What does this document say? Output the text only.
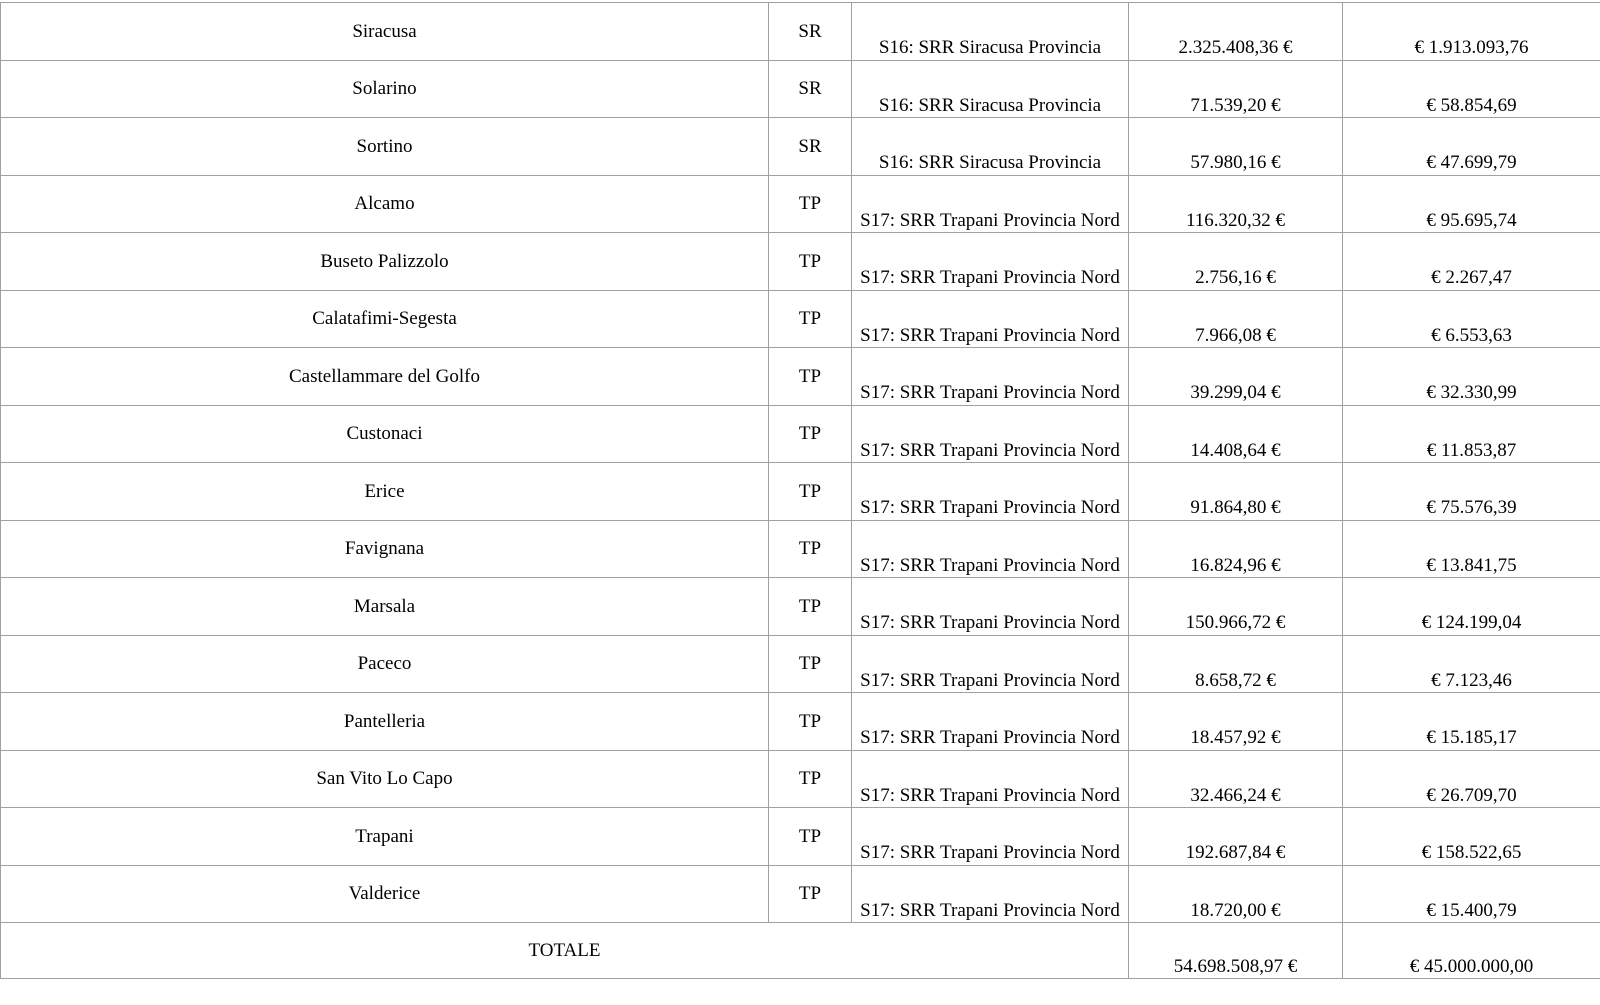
Siracusa	SR	S16: SRR Siracusa Provincia	2.325.408,36 €	€ 1.913.093,76
Solarino	SR	S16: SRR Siracusa Provincia	71.539,20 €	€ 58.854,69
Sortino	SR	S16: SRR Siracusa Provincia	57.980,16 €	€ 47.699,79
Alcamo	TP	S17: SRR Trapani Provincia Nord	116.320,32 €	€ 95.695,74
Buseto Palizzolo	TP	S17: SRR Trapani Provincia Nord	2.756,16 €	€ 2.267,47
Calatafimi-Segesta	TP	S17: SRR Trapani Provincia Nord	7.966,08 €	€ 6.553,63
Castellammare del Golfo	TP	S17: SRR Trapani Provincia Nord	39.299,04 €	€ 32.330,99
Custonaci	TP	S17: SRR Trapani Provincia Nord	14.408,64 €	€ 11.853,87
Erice	TP	S17: SRR Trapani Provincia Nord	91.864,80 €	€ 75.576,39
Favignana	TP	S17: SRR Trapani Provincia Nord	16.824,96 €	€ 13.841,75
Marsala	TP	S17: SRR Trapani Provincia Nord	150.966,72 €	€ 124.199,04
Paceco	TP	S17: SRR Trapani Provincia Nord	8.658,72 €	€ 7.123,46
Pantelleria	TP	S17: SRR Trapani Provincia Nord	18.457,92 €	€ 15.185,17
San Vito Lo Capo	TP	S17: SRR Trapani Provincia Nord	32.466,24 €	€ 26.709,70
Trapani	TP	S17: SRR Trapani Provincia Nord	192.687,84 €	€ 158.522,65
Valderice	TP	S17: SRR Trapani Provincia Nord	18.720,00 €	€ 15.400,79
TOTALE			54.698.508,97 €	€ 45.000.000,00
